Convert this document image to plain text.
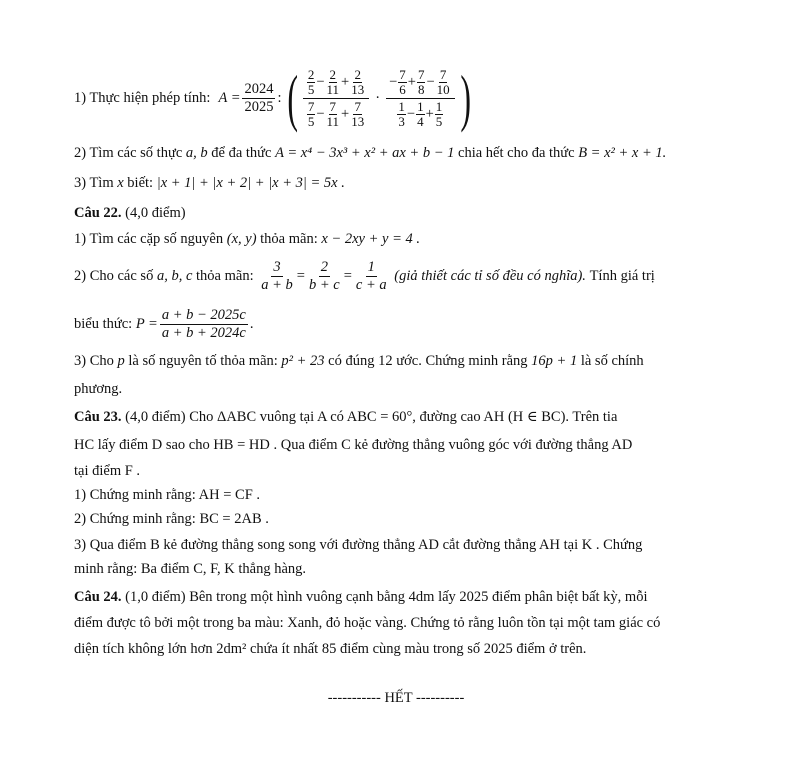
1) Thực hiện phép tính: $A = \frac{2024}{2025}$ : ( 2
$5 - \frac{2}{11} + \frac{2}{13}$
7
$5 - \frac{7}{11} + \frac{7}{13}$
·
− $\frac{7}{6} + \frac{7}{8} - \frac{7}{10}$
1
$3 - \frac{1}{4} + \frac{1}{5}$ )
2) Tìm các số thực a, b để đa thức A = x⁴ − 3x³ + x² + ax + b − 1 chia hết cho đa thức B = x² + x + 1.
3) Tìm x biết: |x + 1| + |x + 2| + |x + 3| = 5x .
Câu 22. (4,0 điểm)
1) Tìm các cặp số nguyên (x, y) thỏa mãn: x − 2xy + y = 4 .
2) Cho các số
a, b, c
thỏa mãn:
$\frac{3}{a + b} = \frac{2}{b + c} = \frac{1}{c + a}$
(giả thiết các tỉ số đều có nghĩa).
Tính giá trị
biểu thức:
$P = \frac{a + b - 2025c}{a + b + 2024c}$ .
3) Cho p là số nguyên tố thỏa mãn: p² + 23 có đúng 12 ước. Chứng minh rằng 16p + 1 là số chính
phương.
Câu 23. (4,0 điểm) Cho ΔABC vuông tại A có ABC = 60°, đường cao AH (H ∈ BC). Trên tia
HC lấy điểm D sao cho HB = HD . Qua điểm C kẻ đường thẳng vuông góc với đường thẳng AD
tại điểm F .
1) Chứng minh rằng: AH = CF .
2) Chứng minh rằng: BC = 2AB .
3) Qua điểm B kẻ đường thẳng song song với đường thẳng AD cắt đường thẳng AH tại K . Chứng
minh rằng: Ba điểm C, F, K thẳng hàng.
Câu 24. (1,0 điểm) Bên trong một hình vuông cạnh bằng 4dm lấy 2025 điểm phân biệt bất kỳ, mỗi
điểm được tô bởi một trong ba màu: Xanh, đỏ hoặc vàng. Chứng tỏ rằng luôn tồn tại một tam giác có
diện tích không lớn hơn 2dm² chứa ít nhất 85 điểm cùng màu trong số 2025 điểm ở trên.
----------- HẾT ----------
